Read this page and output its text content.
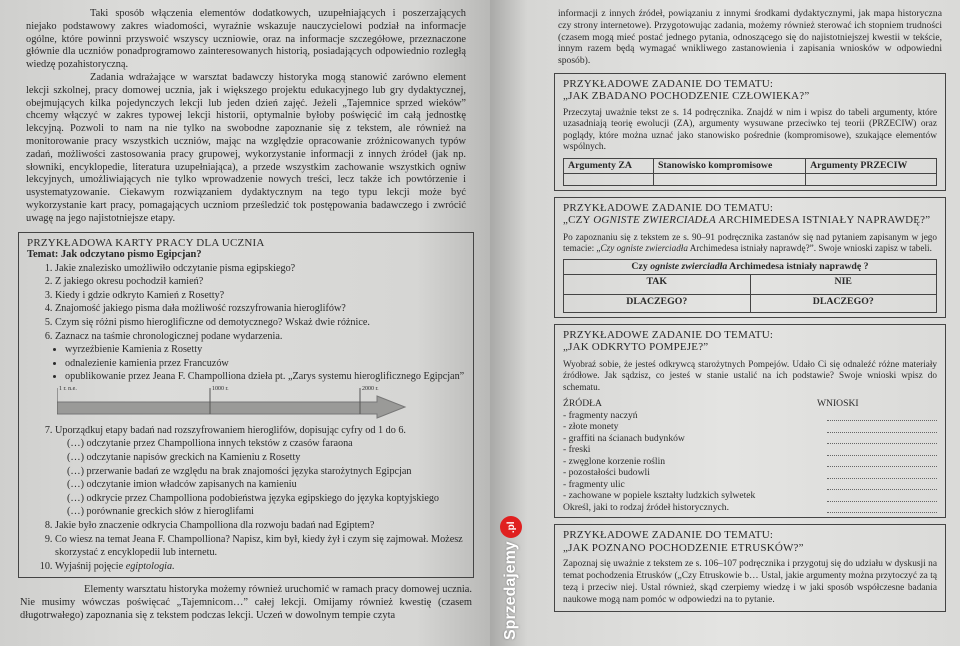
Taki sposób włączenia elementów dodatkowych, uzupełniających i poszerzających niejako podstawowy zakres wiadomości, wyraźnie wskazuje nauczycielowi podział na informacje ogólne, które powinni przyswoić wszyscy uczniowie, oraz na informacje szczegółowe, przeznaczone głównie dla uczniów ponadprogramowo zainteresowanych historią, posiadających odpowiednio rozległą wiedzę pozahistoryczną.

Zadania wdrażające w warsztat badawczy historyka mogą stanowić zarówno element lekcji szkolnej, pracy domowej ucznia, jak i większego projektu edukacyjnego lub gry dydaktycznej, obejmujących kilka pojedynczych lekcji lub jeden dzień zajęć. Jeżeli „Tajemnice sprzed wieków” chcemy włączyć w zakres typowej lekcji historii, optymalnie byłoby poświęcić im całą jednostkę lekcyjną. Pozwoli to nam na nie tylko na swobodne zapoznanie się z tekstem, ale również na monitorowanie pracy wszystkich uczniów, mając na względzie opracowanie zróżnicowanych typów zadań, możliwości zastosowania pracy grupowej, wykorzystanie informacji z innych źródeł (jak np. słowniki, encyklopedie, literatura uzupełniająca), a przede wszystkim zachowanie wszystkich ogniw lekcyjnych, umożliwiających nie tylko wprowadzenie nowych treści, lecz także ich powtórzenie i usystematyzowanie. Ciekawym rozwiązaniem dydaktycznym na tego typu lekcji może być wykorzystanie kart pracy, pomagających uczniom prześledzić tok postępowania badawczego i zwrócić uwagę na jego najistotniejsze etapy.

PRZYKŁADOWA KARTY PRACY DLA UCZNIA
Temat: Jak odczytano pismo Egipcjan?
1. Jakie znalezisko umożliwiło odczytanie pisma egipskiego?
2. Z jakiego okresu pochodził kamień?
3. Kiedy i gdzie odkryto Kamień z Rosetty?
4. Znajomość jakiego pisma dała możliwość rozszyfrowania hieroglifów?
5. Czym się różni pismo hieroglificzne od demotycznego? Wskaż dwie różnice.
6. Zaznacz na taśmie chronologicznej podane wydarzenia.
• wyrzeźbienie Kamienia z Rosetty
• odnalezienie kamienia przez Francuzów
• opublikowanie przez Jeana F. Champolliona dzieła pt. „Zarys systemu hieroglificznego Egipcjan”
1 r. n.e.	1000 r.	2000 r.
7. Uporządkuj etapy badań nad rozszyfrowaniem hieroglifów, dopisując cyfry od 1 do 6.
(…) odczytanie przez Champolliona innych tekstów z czasów faraona
(…) odczytanie napisów greckich na Kamieniu z Rosetty
(…) przerwanie badań ze względu na brak znajomości języka starożytnych Egipcjan
(…) odczytanie imion władców zapisanych na kamieniu
(…) odkrycie przez Champolliona podobieństwa języka egipskiego do języka koptyjskiego
(…) porównanie greckich słów z hieroglifami
8. Jakie było znaczenie odkrycia Champolliona dla rozwoju badań nad Egiptem?
9. Co wiesz na temat Jeana F. Champolliona? Napisz, kim był, kiedy żył i czym się zajmował. Możesz skorzystać z encyklopedii lub internetu.
10. Wyjaśnij pojęcie egiptologia.

Elementy warsztatu historyka możemy również uruchomić w ramach pracy domowej ucznia. Nie musimy wówczas poświęcać „Tajemnicom…” całej lekcji. Omijamy również kwestię (czasem długotrwałego) zapoznania się z tekstem podczas lekcji. Uczeń w dowolnym tempie czyta

informacji z innych źródeł, powiązaniu z innymi środkami dydaktycznymi, jak mapa historyczna czy strony internetowe). Przygotowując zadania, możemy również sterować ich stopniem trudności (czasem mogą mieć postać jednego pytania, odnoszącego się do najistotniejszej kwestii w tekście, innym razem będą wymagać wnikliwego zastanowienia i zapisania wniosków w odpowiedni sposób).

PRZYKŁADOWE ZADANIE DO TEMATU:
„JAK ZBADANO POCHODZENIE CZŁOWIEKA?”

Przeczytaj uważnie tekst ze s. 14 podręcznika. Znajdź w nim i wpisz do tabeli argumenty, które uzasadniają teorię ewolucji (ZA), argumenty wysuwane przeciwko tej teorii (PRZECIW) oraz poglądy, które można uznać jako stanowisko pośrednie (kompromisowe), szukające elementów wspólnych.

Argumenty ZA	Stanowisko kompromisowe	Argumenty PRZECIW

PRZYKŁADOWE ZADANIE DO TEMATU:
„CZY OGNISTE ZWIERCIADŁA ARCHIMEDESA ISTNIAŁY NAPRAWDĘ?”

Po zapoznaniu się z tekstem ze s. 90–91 podręcznika zastanów się nad pytaniem zapisanym w jego temacie: „Czy ogniste zwierciadła Archimedesa istniały naprawdę?”. Swoje wnioski zapisz w tabeli.

Czy ogniste zwierciadła Archimedesa istniały naprawdę ?	
TAK	NIE
DLACZEGO?	DLACZEGO?
PRZYKŁADOWE ZADANIE DO TEMATU:
„JAK ODKRYTO POMPEJE?”

Wyobraź sobie, że jesteś odkrywcą starożytnych Pompejów. Udało Ci się odnaleźć różne materiały źródłowe. Jak sądzisz, co jesteś w stanie ustalić na ich podstawie? Swoje wnioski wpisz do schematu.

ŹRÓDŁA
- fragmenty naczyń
- złote monety
- graffiti na ścianach budynków
- freski
- zwęglone korzenie roślin
- pozostałości budowli
- fragmenty ulic
- zachowane w popiele kształty ludzkich sylwetek
Określ, jaki to rodzaj źródeł historycznych.
WNIOSKI
PRZYKŁADOWE ZADANIE DO TEMATU:
„JAK POZNANO POCHODZENIE ETRUSKÓW?”

Zapoznaj się uważnie z tekstem ze s. 106–107 podręcznika i przygotuj się do udziału w dyskusji na temat pochodzenia Etrusków („Czy Etruskowie b… Ustal, jakie argumenty można przytoczyć za tą tezą i przeciw niej. Ustal również, skąd czerpiemy wiedzę i w jaki sposób współczesne badania naukowe mogą nam pomóc w odpowiedzi na to pytanie.

Sprzedajemy
.pl
